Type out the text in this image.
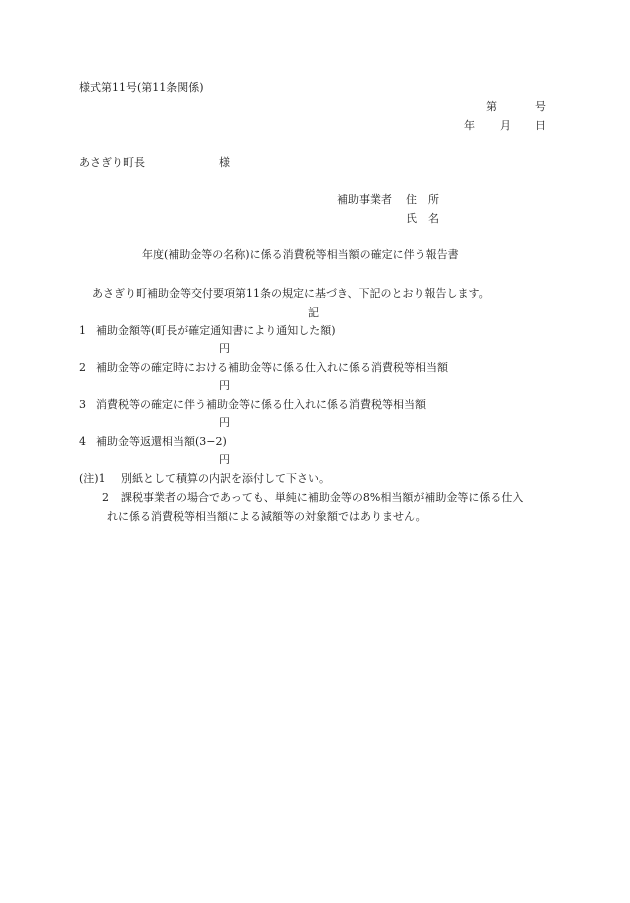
様式第11号(第11条関係)
第	号
年 月 日
あさぎり町長	様
補助事業者 住　所
氏　名
年度(補助金等の名称)に係る消費税等相当額の確定に伴う報告書
あさぎり町補助金等交付要項第11条の規定に基づき、下記のとおり報告します。
記
1 補助金額等(町長が確定通知書により通知した額)
円
2 補助金等の確定時における補助金等に係る仕入れに係る消費税等相当額
円
3 消費税等の確定に伴う補助金等に係る仕入れに係る消費税等相当額
円
4 補助金等返還相当額(3−2)
円
(注)1 別紙として積算の内訳を添付して下さい。
2 課税事業者の場合であっても、単純に補助金等の8%相当額が補助金等に係る仕入
れに係る消費税等相当額による減額等の対象額ではありません。
